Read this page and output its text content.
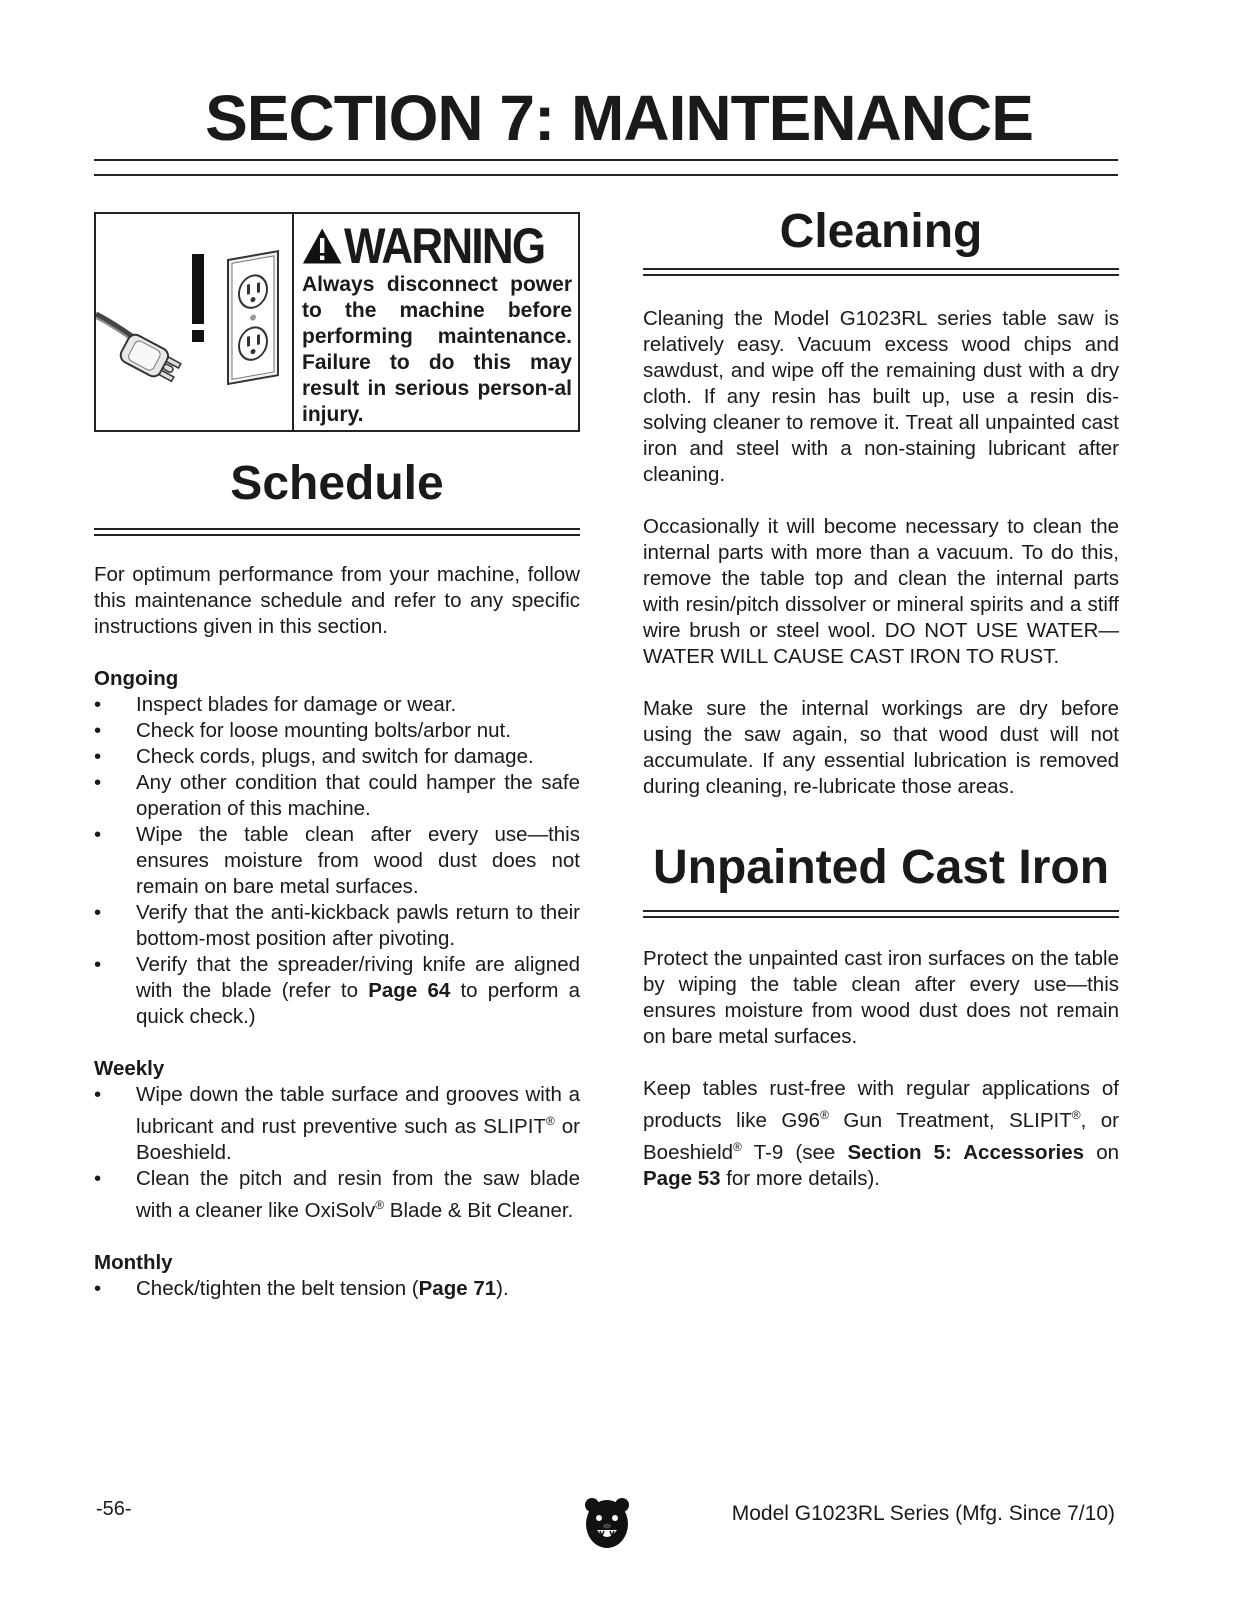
SECTION 7: MAINTENANCE
WARNING
Always disconnect power to the machine before performing maintenance. Failure to do this may result in serious person-al injury.
Schedule

For optimum performance from your machine, follow this maintenance schedule and refer to any specific instructions given in this section.

Ongoing
• Inspect blades for damage or wear.
• Check for loose mounting bolts/arbor nut.
• Check cords, plugs, and switch for damage.
• Any other condition that could hamper the safe operation of this machine.
• Wipe the table clean after every use—this ensures moisture from wood dust does not remain on bare metal surfaces.
• Verify that the anti-kickback pawls return to their bottom-most position after pivoting.
• Verify that the spreader/riving knife are aligned with the blade (refer to Page 64 to perform a quick check.)
Weekly
• Wipe down the table surface and grooves with a lubricant and rust preventive such as SLIPIT® or Boeshield.
• Clean the pitch and resin from the saw blade with a cleaner like OxiSolv® Blade & Bit Cleaner.
Monthly
• Check/tighten the belt tension (Page 71).
Cleaning

Cleaning the Model G1023RL series table saw is relatively easy. Vacuum excess wood chips and sawdust, and wipe off the remaining dust with a dry cloth. If any resin has built up, use a resin dis-solving cleaner to remove it. Treat all unpainted cast iron and steel with a non-staining lubricant after cleaning.

Occasionally it will become necessary to clean the internal parts with more than a vacuum. To do this, remove the table top and clean the internal parts with resin/pitch dissolver or mineral spirits and a stiff wire brush or steel wool. DO NOT USE WATER—WATER WILL CAUSE CAST IRON TO RUST.

Make sure the internal workings are dry before using the saw again, so that wood dust will not accumulate. If any essential lubrication is removed during cleaning, re-lubricate those areas.

Unpainted Cast Iron

Protect the unpainted cast iron surfaces on the table by wiping the table clean after every use—this ensures moisture from wood dust does not remain on bare metal surfaces.

Keep tables rust-free with regular applications of products like G96® Gun Treatment, SLIPIT®, or Boeshield® T-9 (see Section 5: Accessories on Page 53 for more details).

-56-	Model G1023RL Series (Mfg. Since 7/10)
